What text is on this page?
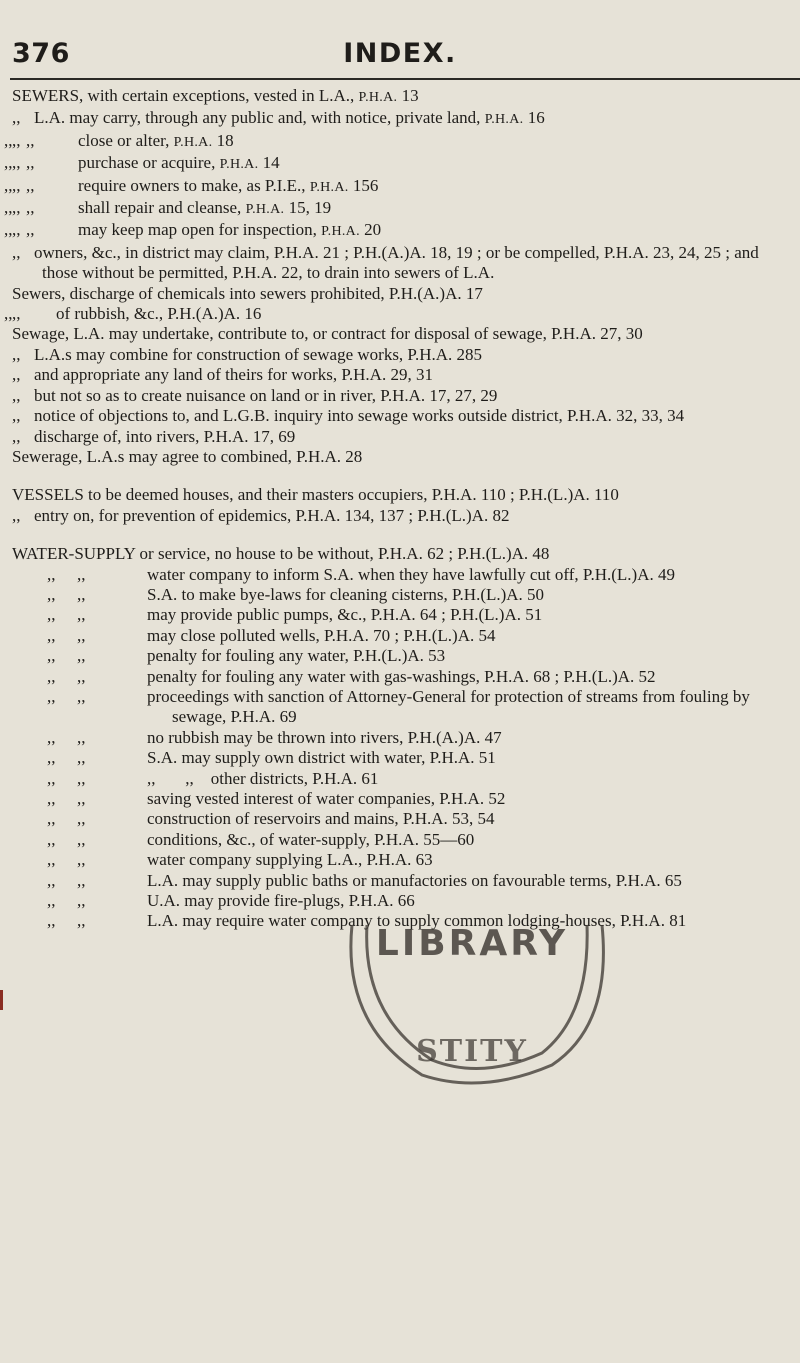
376	INDEX.

SEWERS, with certain exceptions, vested in L.A., P.H.A. 13

,, L.A. may carry, through any public and, with notice, private land, P.H.A. 16

,,,, ,,	close or alter, P.H.A. 18

,,,, ,,	purchase or acquire, P.H.A. 14

,,,, ,,	require owners to make, as P.I.E., P.H.A. 156

,,,, ,,	shall repair and cleanse, P.H.A. 15, 19

,,,, ,,	may keep map open for inspection, P.H.A. 20

,, owners, &c., in district may claim, P.H.A. 21 ; P.H.(A.)A. 18, 19 ; or be compelled, P.H.A. 23, 24, 25 ; and those without be permitted, P.H.A. 22, to drain into sewers of L.A.

Sewers, discharge of chemicals into sewers prohibited, P.H.(A.)A. 17

,,,,	of rubbish, &c., P.H.(A.)A. 16

Sewage, L.A. may undertake, contribute to, or contract for disposal of sewage, P.H.A. 27, 30

,, L.A.s may combine for construction of sewage works, P.H.A. 285

,, and appropriate any land of theirs for works, P.H.A. 29, 31

,, but not so as to create nuisance on land or in river, P.H.A. 17, 27, 29

,, notice of objections to, and L.G.B. inquiry into sewage works outside district, P.H.A. 32, 33, 34

,, discharge of, into rivers, P.H.A. 17, 69

Sewerage, L.A.s may agree to combined, P.H.A. 28

VESSELS to be deemed houses, and their masters occupiers, P.H.A. 110 ; P.H.(L.)A. 110

,, entry on, for prevention of epidemics, P.H.A. 134, 137 ; P.H.(L.)A. 82

WATER-SUPPLY or service, no house to be without, P.H.A. 62 ; P.H.(L.)A. 48

,, ,,	water company to inform S.A. when they have lawfully cut off, P.H.(L.)A. 49

,, ,,	S.A. to make bye-laws for cleaning cisterns, P.H.(L.)A. 50

,, ,,	may provide public pumps, &c., P.H.A. 64 ; P.H.(L.)A. 51

,, ,,	may close polluted wells, P.H.A. 70 ; P.H.(L.)A. 54

,, ,,	penalty for fouling any water, P.H.(L.)A. 53

,, ,,	penalty for fouling any water with gas-washings, P.H.A. 68 ; P.H.(L.)A. 52

,, ,,	proceedings with sanction of Attorney-General for protection of streams from fouling by sewage, P.H.A. 69

,, ,,	no rubbish may be thrown into rivers, P.H.(A.)A. 47

,, ,,	S.A. may supply own district with water, P.H.A. 51

,, ,,	,,       ,,    other districts, P.H.A. 61

,, ,,	saving vested interest of water companies, P.H.A. 52

,, ,,	construction of reservoirs and mains, P.H.A. 53, 54

,, ,,	conditions, &c., of water-supply, P.H.A. 55—60

,, ,,	water company supplying L.A., P.H.A. 63

,, ,,	L.A. may supply public baths or manufactories on favourable terms, P.H.A. 65

,, ,,	U.A. may provide fire-plugs, P.H.A. 66

,, ,,	L.A. may require water company to supply common lodging-houses, P.H.A. 81

LIBRARY
STITY
